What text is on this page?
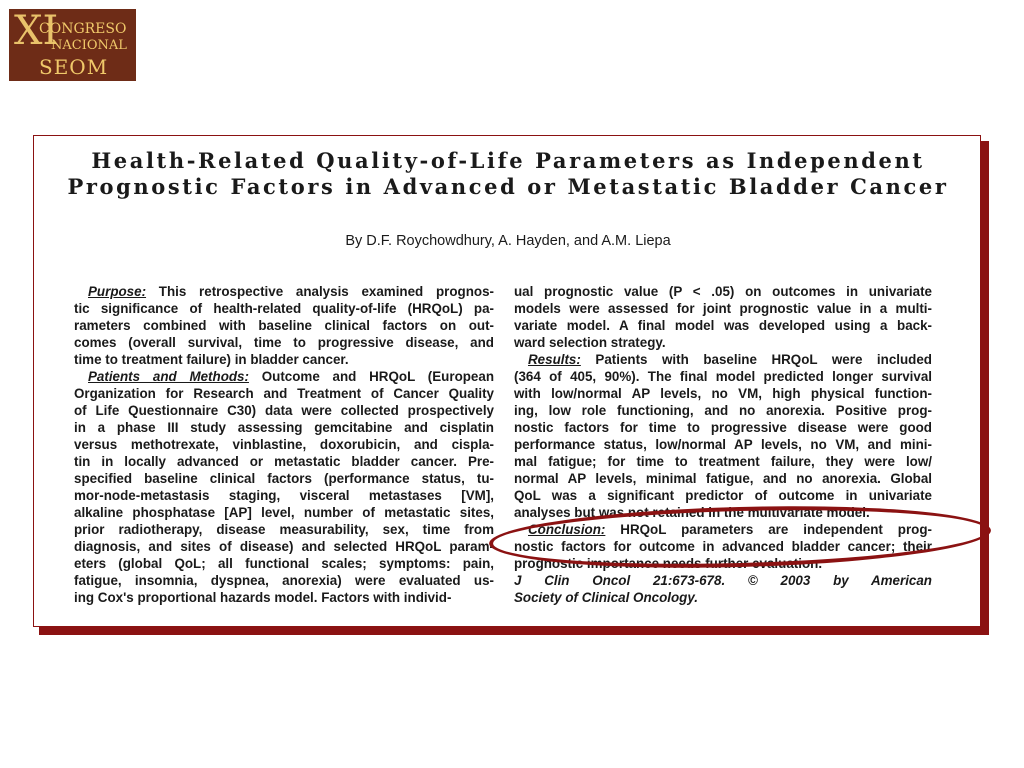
XI
CONGRESO
NACIONAL
SEOM
Health-Related Quality-of-Life Parameters as Independent
Prognostic Factors in Advanced or Metastatic Bladder Cancer
By D.F. Roychowdhury, A. Hayden, and A.M. Liepa
Purpose: This retrospective analysis examined prognos-
tic significance of health-related quality-of-life (HRQoL) pa-
rameters combined with baseline clinical factors on out-
comes (overall survival, time to progressive disease, and
time to treatment failure) in bladder cancer.
Patients and Methods: Outcome and HRQoL (European
Organization for Research and Treatment of Cancer Quality
of Life Questionnaire C30) data were collected prospectively
in a phase III study assessing gemcitabine and cisplatin
versus methotrexate, vinblastine, doxorubicin, and cispla-
tin in locally advanced or metastatic bladder cancer. Pre-
specified baseline clinical factors (performance status, tu-
mor-node-metastasis staging, visceral metastases [VM],
alkaline phosphatase [AP] level, number of metastatic sites,
prior radiotherapy, disease measurability, sex, time from
diagnosis, and sites of disease) and selected HRQoL param-
eters (global QoL; all functional scales; symptoms: pain,
fatigue, insomnia, dyspnea, anorexia) were evaluated us-
ing Cox's proportional hazards model. Factors with individ-
ual prognostic value (P < .05) on outcomes in univariate
models were assessed for joint prognostic value in a multi-
variate model. A final model was developed using a back-
ward selection strategy.
Results: Patients with baseline HRQoL were included
(364 of 405, 90%). The final model predicted longer survival
with low/normal AP levels, no VM, high physical function-
ing, low role functioning, and no anorexia. Positive prog-
nostic factors for time to progressive disease were good
performance status, low/normal AP levels, no VM, and mini-
mal fatigue; for time to treatment failure, they were low/
normal AP levels, minimal fatigue, and no anorexia. Global
QoL was a significant predictor of outcome in univariate
analyses but was not retained in the multivariate model.
Conclusion: HRQoL parameters are independent prog-
nostic factors for outcome in advanced bladder cancer; their
prognostic importance needs further evaluation.
J Clin Oncol 21:673-678. © 2003 by American
Society of Clinical Oncology.
